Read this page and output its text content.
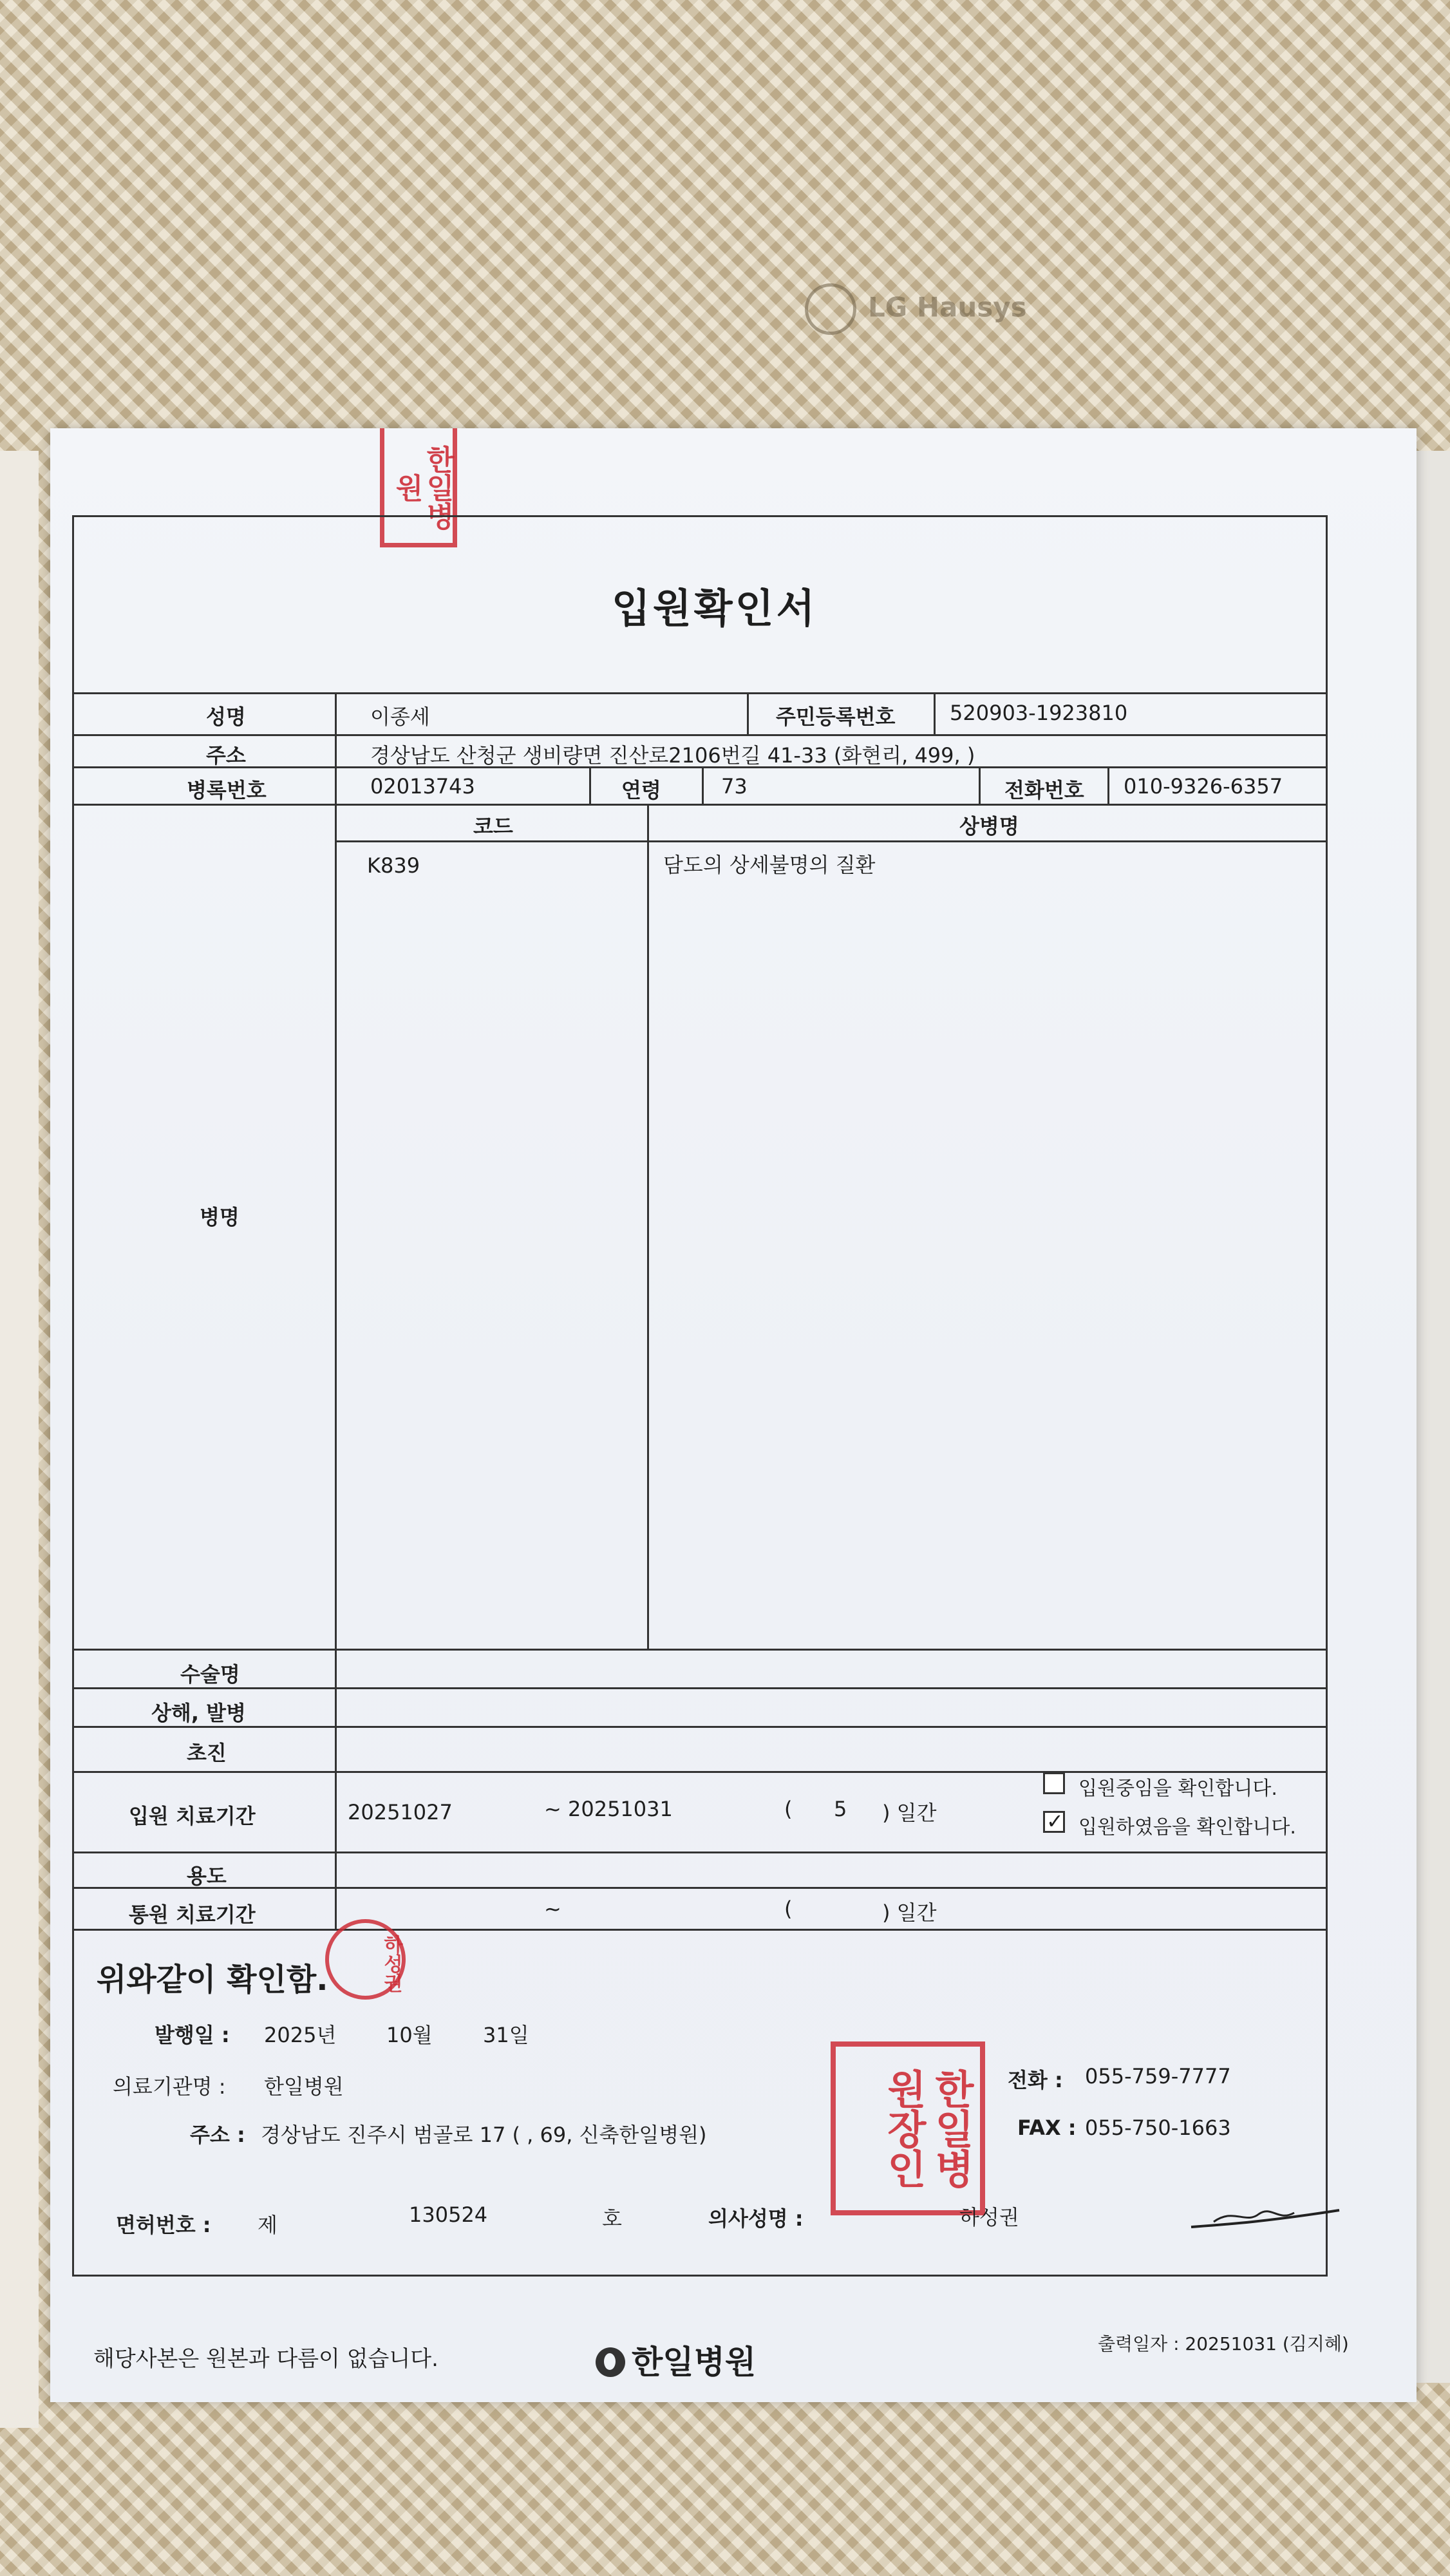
LG Hausys
한일병원
입원확인서
성명	이종세	주민등록번호	520903-1923810
주소	경상남도 산청군 생비량면 진산로2106번길 41-33 (화현리, 499, )
병록번호	02013743	연령	73	전화번호 010-9326-6357
코드	상병명
K839	담도의 상세불명의 질환
병명
수술명
상해, 발병
초진
입원 치료기간	20251027	~ 20251031	( 5 ) 일간
입원중임을 확인합니다.
✓ 입원하였음을 확인합니다.
용도
통원 치료기간	~	(	) 일간
위와같이 확인함.	하성권
발행일 : 2025년 10월 31일
의료기관명 : 한일병원
주소 : 경상남도 진주시 범골로 17 ( , 69, 신축한일병원)
전화 : 055-759-7777
FAX : 055-750-1663
한일병원장인
면허번호 : 제	130524	호	의사성명 :	하성권
해당사본은 원본과 다름이 없습니다.	한일병원	출력일자 : 20251031 (김지혜)
